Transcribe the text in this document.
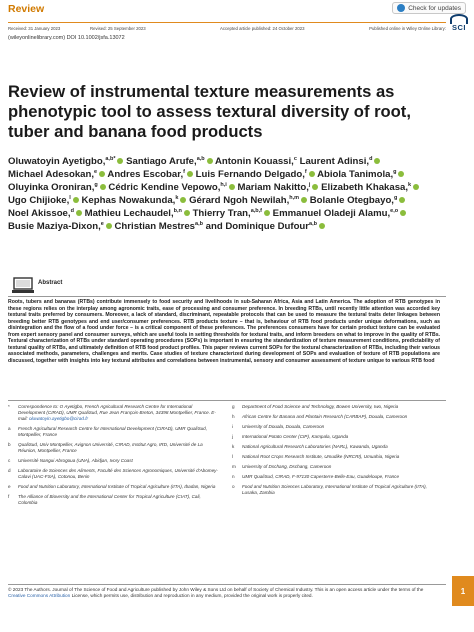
Review	Check for updates
SCI
Received: 31 January 2023	Revised: 25 September 2023	Accepted article published: 24 October 2023	Published online in Wiley Online Library:
(wileyonlinelibrary.com) DOI 10.1002/jsfa.13072
Review of instrumental texture measurements as phenotypic tool to assess textural diversity of root, tuber and banana food products
Oluwatoyin Ayetigbo,$^{a,b*}$ Santiago Arufe,$^{a,b}$ Antonin Kouassi,$^c$ Laurent Adinsi,$^d$ Michael Adesokan,$^e$ Andres Escobar,$^f$ Luis Fernando Delgado,$^f$ Abiola Tanimola,$^g$ Oluyinka Oroniran,$^g$ Cédric Kendine Vepowo,$^{h,i}$ Mariam Nakitto,$^j$ Elizabeth Khakasa,$^k$ Ugo Chijioke,$^l$ Kephas Nowakunda,$^k$ Gérard Ngoh Newilah,$^{h,m}$ Bolanle Otegbayo,$^g$ Noel Akissoe,$^d$ Mathieu Lechaudel,$^{b,n}$ Thierry Tran,$^{a,b,f}$ Emmanuel Oladeji Alamu,$^{e,o}$ Busie Maziya-Dixon,$^e$ Christian Mestres$^{a,b}$ and Dominique Dufour$^{a,b}$
Abstract
Roots, tubers and bananas (RTBs) contribute immensely to food security and livelihoods in sub-Saharan Africa, Asia and Latin America. The adoption of RTB genotypes in these regions relies on the interplay among agronomic traits, ease of processing and consumer preference. In breeding RTBs, until recently little attention was accorded key textural traits preferred by consumers. Moreover, a lack of standard, discriminant, repeatable protocols that can be used to measure the textural traits deter linkages between breeding better RTB genotypes and end user/consumer preferences. RTB products texture – that is, behaviour of RTB food products under unique deformations, such as disintegration and the flow of a food under force – is a critical component of these preferences. The preferences consumers have for certain product texture can be evaluated from expert sensory panel and consumer surveys, which are useful tools in setting thresholds for textural traits, and inform breeders on what to improve in the quality of RTBs. Textural characterization of RTBs under standard operating procedures (SOPs) is important in ensuring the standardization of texture measurement conditions, predictability of textural quality of RTBs, and ultimately definition of RTB food product profiles. This paper reviews current SOPs for the textural characterization of RTBs, including their various associated methods, parameters, challenges and merits. Case studies of texture characterized during development of SOPs and evaluation of texture of RTB populations are discussed, together with insights into key textural attributes and correlations between instrumental, sensory and consumer assessment of texture unique to various RTB food
*	Correspondence to: O Ayetigbo, French Agricultural Research Centre for International Development (CIRAD), UMR QualiSud, Rue Jean François-Breton, 34398 Montpellier, France. E-mail: oluwatoyin.ayetigbo@cirad.fr
a	French Agricultural Research Centre for International Development (CIRAD), UMR QualiSud, Montpellier, France
b	QualiSud, Univ Montpellier, Avignon Université, CIRAD, Institut Agro, IRD, Université de La Réunion, Montpellier, France
c	Université Nangui Abrogoua (UNA), Abidjan, Ivory Coast
d	Laboratoire de Sciences des Aliments, Faculté des Sciences Agronomiques, Université d'Abomey-Calavi (UAC-FSA), Cotonou, Benin
e	Food and Nutrition Laboratory, International Institute of Tropical Agriculture (IITA), Ibadan, Nigeria
f	The Alliance of Bioversity and the International Center for Tropical Agriculture (CIAT), Cali, Colombia
g	Department of Food Science and Technology, Bowen University, Iwo, Nigeria
h	African Centre for Banana and Plantain Research (CARBAP), Douala, Cameroon
i	University of Douala, Douala, Cameroon
j	International Potato Center (CIP), Kampala, Uganda
k	National Agricultural Research Laboratories (NARL), Kawanda, Uganda
l	National Root Crops Research Institute, Umudike (NRCRI), Umuahia, Nigeria
m	University of Dschang, Dschang, Cameroon
n	UMR QualiSud, CIRAD, F-97130 Capesterre-Belle-Eau, Guadeloupe, France
o	Food and Nutrition Sciences Laboratory, International Institute of Tropical Agriculture (IITA), Lusaka, Zambia
© 2023 The Authors. Journal of The Science of Food and Agriculture published by John Wiley & Sons Ltd on behalf of Society of Chemical Industry. This is an open access article under the terms of the Creative Commons Attribution License, which permits use, distribution and reproduction in any medium, provided the original work is properly cited.
1
